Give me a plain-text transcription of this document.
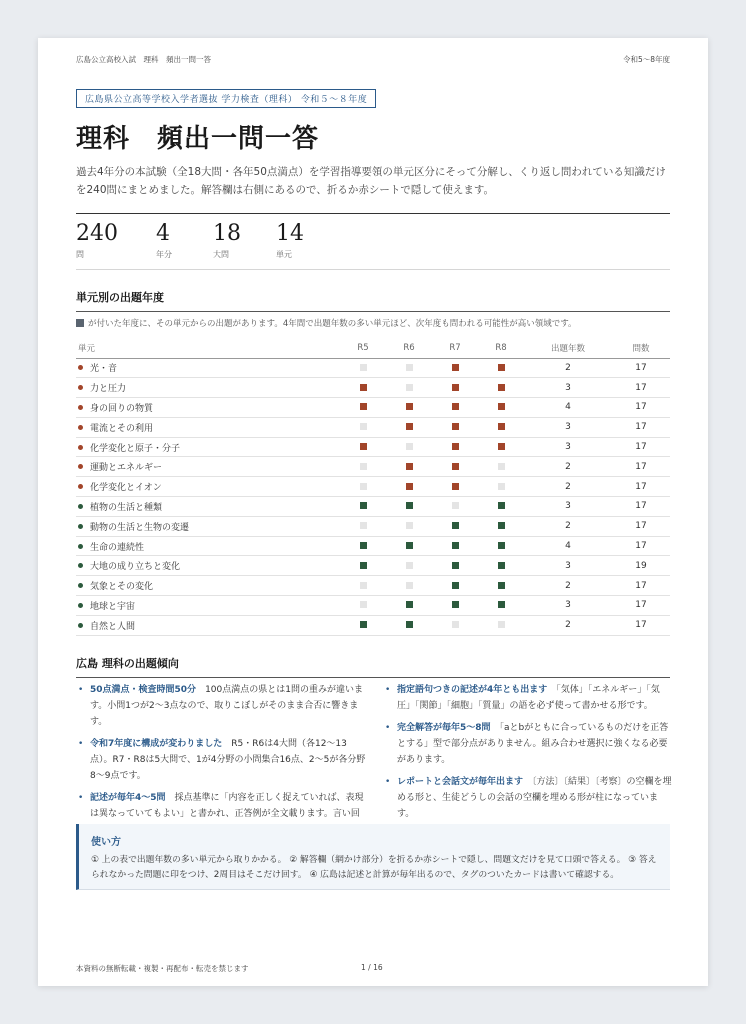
広島公立高校入試　理科　頻出一問一答	令和5〜8年度
広島県公立高等学校入学者選抜 学力検査（理科） 令和５～８年度
理科　頻出一問一答
過去4年分の本試験（全18大問・各年50点満点）を学習指導要領の単元区分にそって分解し、くり返し問われている知識だけを240問にまとめました。解答欄は右側にあるので、折るか赤シートで隠して使えます。
240
問
4
年分
18
大問
14
単元
単元別の出題年度
が付いた年度に、その単元からの出題があります。4年間で出題年数の多い単元ほど、次年度も問われる可能性が高い領域です。
単元	R5	R6	R7	R8	出題年数	問数
光・音					2	17
力と圧力					3	17
身の回りの物質					4	17
電流とその利用					3	17
化学変化と原子・分子					3	17
運動とエネルギー					2	17
化学変化とイオン					2	17
植物の生活と種類					3	17
動物の生活と生物の変遷					2	17
生命の連続性					4	17
大地の成り立ちと変化					3	19
気象とその変化					2	17
地球と宇宙					3	17
自然と人間					2	17
広島 理科の出題傾向
• 50点満点・検査時間50分　 100点満点の県とは1問の重みが違います。小問1つが2〜3点なので、取りこぼしがそのまま合否に響きます。
• 令和7年度に構成が変わりました　 R5・R6は4大問（各12〜13点）。R7・R8は5大問で、1が4分野の小問集合16点、2〜5が各分野8〜9点です。
• 記述が毎年4〜5問　 採点基準に「内容を正しく捉えていれば、表現は異なっていてもよい」と書かれ、正答例が全文載ります。言い回
• 指定語句つきの記述が4年とも出ます　 「気体」「エネルギー」「気圧」「関節」「細胞」「質量」の語を必ず使って書かせる形です。
• 完全解答が毎年5〜8問　 「aとbがともに合っているものだけを正答とする」型で部分点がありません。組み合わせ選択に強くなる必要があります。
• レポートと会話文が毎年出ます　 〔方法〕〔結果〕〔考察〕の空欄を埋める形と、生徒どうしの会話の空欄を埋める形が柱になっています。
使い方
① 上の表で出題年数の多い単元から取りかかる。 ② 解答欄（網かけ部分）を折るか赤シートで隠し、問題文だけを見て口頭で答える。 ③ 答えられなかった問題に印をつけ、2周目はそこだけ回す。 ④ 広島は記述と計算が毎年出るので、タグのついたカードは書いて確認する。
本資料の無断転載・複製・再配布・転売を禁じます	1 / 16
